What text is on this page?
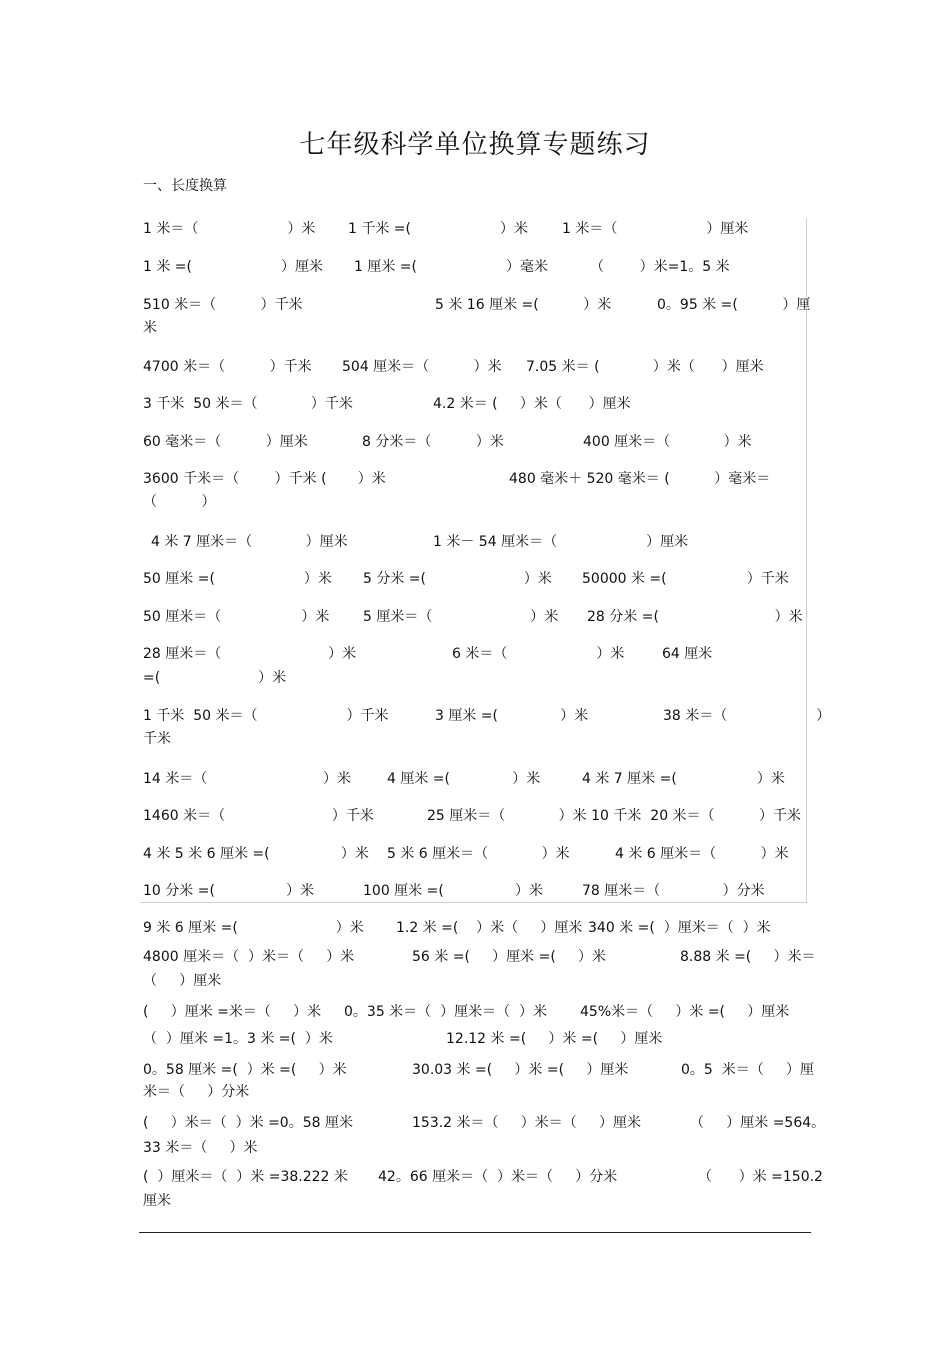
七年级科学单位换算专题练习
一、长度换算
1 米＝（                    ）米 1 千米 =(                    ）米 1 米＝（                    ）厘米
1 米 =(                    ）厘米 1 厘米 =(                    ）毫米	（        ）米=1。5 米
510 米＝（          ）千米	5 米 16 厘米 =(          ）米	0。95 米 =(          ）厘
米
4700 米＝（          ）千米 504 厘米＝（          ）米 7.05 米＝ (            ）米（      ）厘米
3 千米  50 米＝（            ）千米	4.2 米＝ (     ）米（      ）厘米
60 毫米＝（          ）厘米	8 分米＝（          ）米	400 厘米＝（            ）米
3600 千米＝（        ）千米 (       ）米	480 毫米＋ 520 毫米＝ (          ）毫米＝
（          ）
4 米 7 厘米＝（            ）厘米	1 米－ 54 厘米＝（                    ）厘米
50 厘米 =(                    ）米 5 分米 =(                      ）米 50000 米 =(                  ）千米
50 厘米＝（                  ）米 5 厘米＝（                      ）米 28 分米 =(                          ）米
28 厘米＝（                        ）米	6 米＝（                    ）米	64 厘米
=(                      ）米
1 千米  50 米＝（                    ）千米	3 厘米 =(              ）米	38 米＝（                    ）
千米
14 米＝（                          ）米	4 厘米 =(              ）米	4 米 7 厘米 =(                  ）米
1460 米＝（                        ）千米	25 厘米＝（            ）米 10 千米  20 米＝（          ）千米
4 米 5 米 6 厘米 =(                ）米 5 米 6 厘米＝（            ）米	4 米 6 厘米＝（          ）米
10 分米 =(                ）米	100 厘米 =(                ）米	78 厘米＝（              ）分米
9 米 6 厘米 =(                      ）米 1.2 米 =(    ）米（     ）厘米 340 米 =(  ）厘米＝（  ）米
4800 厘米＝（  ）米＝（     ）米	56 米 =(     ）厘米 =(     ）米	8.88 米 =(     ）米＝
（     ）厘米
(     ）厘米 =米＝（     ）米 0。35 米＝（  ）厘米＝（  ）米 45%米＝（     ）米 =(     ）厘米
（  ）厘米 =1。3 米 =(  ）米	12.12 米 =(     ）米 =(     ）厘米
0。58 厘米 =(  ）米 =(     ）米	30.03 米 =(     ）米 =(     ）厘米	0。5  米＝（     ）厘
米＝（     ）分米
(     ）米＝（  ）米 =0。58 厘米	153.2 米＝（     ）米＝（     ）厘米	（     ）厘米 =564。
33 米＝（     ）米
(  ）厘米＝（  ）米 =38.222 米 42。66 厘米＝（  ）米＝（     ）分米	（      ）米 =150.2
厘米
